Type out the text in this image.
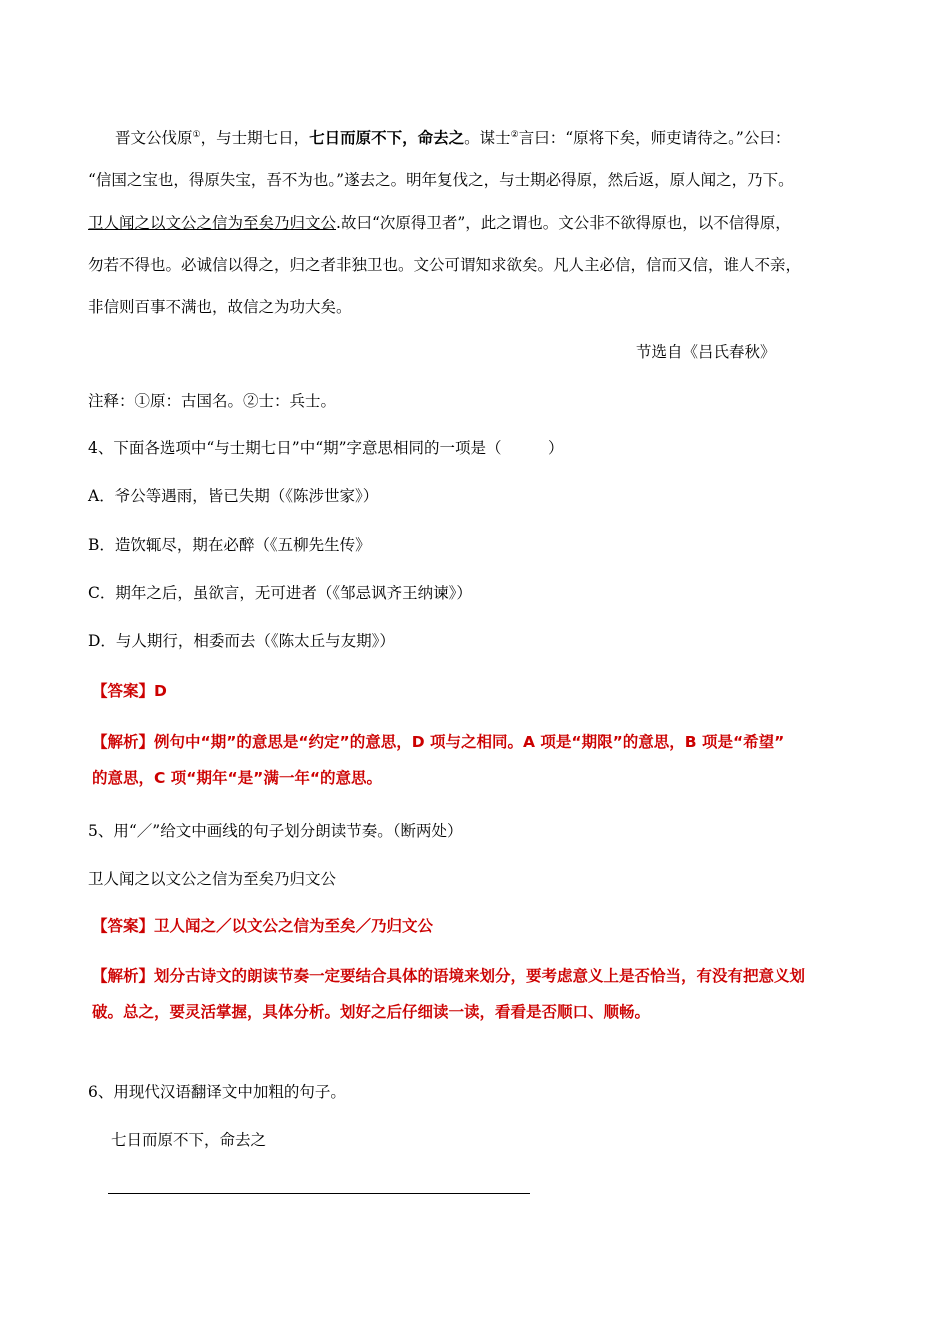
晋文公伐原①，与士期七日，七日而原不下，命去之。谋士②言曰：“原将下矣，师吏请待之。”公曰：
“信国之宝也，得原失宝，吾不为也。”遂去之。明年复伐之，与士期必得原，然后返，原人闻之，乃下。
卫人闻之以文公之信为至矣乃归文公.故曰“次原得卫者”，此之谓也。文公非不欲得原也，以不信得原，
勿若不得也。必诚信以得之，归之者非独卫也。文公可谓知求欲矣。凡人主必信，信而又信，谁人不亲，
非信则百事不满也，故信之为功大矣。
节选自《吕氏春秋》
注释：①原：古国名。②士：兵士。
4、下面各选项中“与士期七日”中“期”字意思相同的一项是（　　　）
A．爷公等遇雨，皆已失期（《陈涉世家》）
B．造饮辄尽，期在必醉（《五柳先生传》
C．期年之后，虽欲言，无可进者（《邹忌讽齐王纳谏》）
D．与人期行，相委而去（《陈太丘与友期》）
【答案】D
【解析】例句中“期”的意思是“约定”的意思，D 项与之相同。A 项是“期限”的意思，B 项是“希望”
的意思，C 项“期年“是”满一年“的意思。
5、用“／”给文中画线的句子划分朗读节奏。（断两处）
卫人闻之以文公之信为至矣乃归文公
【答案】卫人闻之／以文公之信为至矣／乃归文公
【解析】划分古诗文的朗读节奏一定要结合具体的语境来划分，要考虑意义上是否恰当，有没有把意义划
破。总之，要灵活掌握，具体分析。划好之后仔细读一读，看看是否顺口、顺畅。
6、用现代汉语翻译文中加粗的句子。
七日而原不下，命去之
